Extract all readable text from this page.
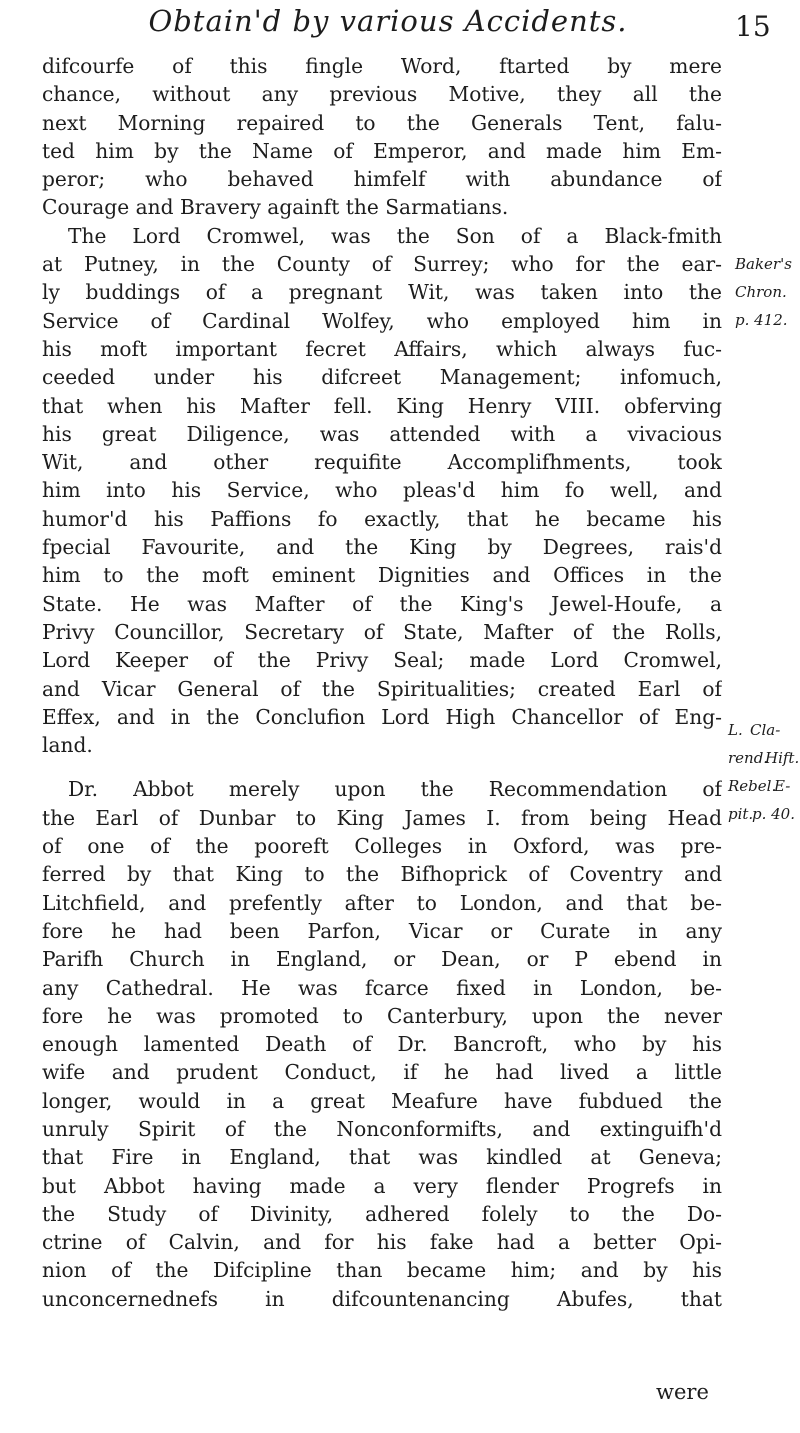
Obtain'd by various Accidents.	15
difcourfe of this fingle Word, ftarted by mere
chance, without any previous Motive, they all the
next Morning repaired to the Generals Tent, falu-
ted him by the Name of Emperor, and made him Em-
peror; who behaved himfelf with abundance of
Courage and Bravery againft the Sarmatians.
The Lord Cromwel, was the Son of a Black-fmith
at Putney, in the County of Surrey; who for the ear-
ly buddings of a pregnant Wit, was taken into the
Service of Cardinal Wolfey, who employed him in
his moft important fecret Affairs, which always fuc-
ceeded under his difcreet Management; infomuch,
that when his Mafter fell. King Henry VIII. obferving
his great Diligence, was attended with a vivacious
Wit, and other requifite Accomplifhments, took
him into his Service, who pleas'd him fo well, and
humor'd his Paffions fo exactly, that he became his
fpecial Favourite, and the King by Degrees, rais'd
him to the moft eminent Dignities and Offices in the
State. He was Mafter of the King's Jewel-Houfe, a
Privy Councillor, Secretary of State, Mafter of the Rolls,
Lord Keeper of the Privy Seal; made Lord Cromwel,
and Vicar General of the Spiritualities; created Earl of
Effex, and in the Conclufion Lord High Chancellor of Eng-
land.
Dr. Abbot merely upon the Recommendation of
the Earl of Dunbar to King James I. from being Head
of one of the pooreft Colleges in Oxford, was pre-
ferred by that King to the Bifhoprick of Coventry and
Litchfield, and prefently after to London, and that be-
fore he had been Parfon, Vicar or Curate in any
Parifh Church in England, or Dean, or P ebend in
any Cathedral. He was fcarce fixed in London, be-
fore he was promoted to Canterbury, upon the never
enough lamented Death of Dr. Bancroft, who by his
wife and prudent Conduct, if he had lived a little
longer, would in a great Meafure have fubdued the
unruly Spirit of the Nonconformifts, and extinguifh'd
that Fire in England, that was kindled at Geneva;
but Abbot having made a very flender Progrefs in
the Study of Divinity, adhered folely to the Do-
ctrine of Calvin, and for his fake had a better Opi-
nion of the Difcipline than became him; and by his
unconcernednefs in difcountenancing Abufes, that
were
Baker's
Chron.
p. 412.
L. Cla-
rend.
Hift.
Rebel.
E-
pit.
p. 40.
